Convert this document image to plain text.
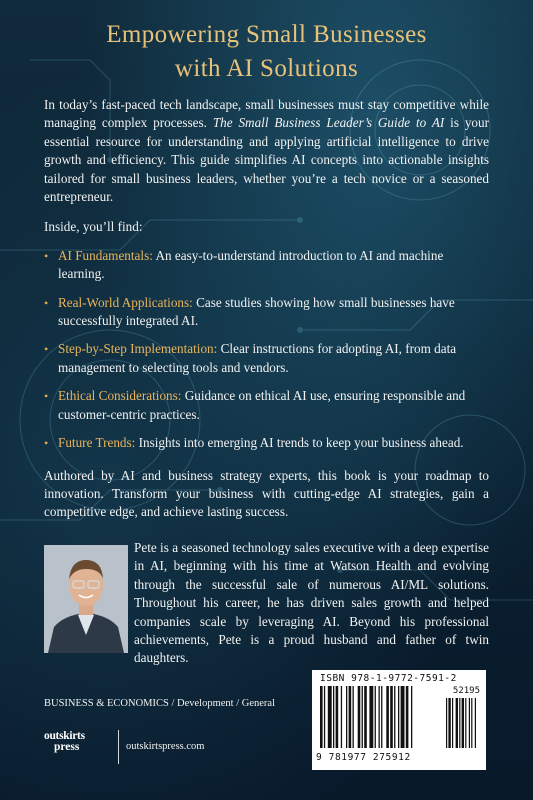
Empowering Small Businesses
with AI Solutions

In today’s fast-paced tech landscape, small businesses must stay competitive while managing complex processes. The Small Business Leader’s Guide to AI is your essential resource for understanding and applying artificial intelligence to drive growth and efficiency. This guide simplifies AI concepts into actionable insights tailored for small business leaders, whether you’re a tech novice or a seasoned entrepreneur.

Inside, you’ll find:

• AI Fundamentals: An easy-to-understand introduction to AI and machine learning.
• Real-World Applications: Case studies showing how small businesses have successfully integrated AI.
• Step-by-Step Implementation: Clear instructions for adopting AI, from data management to selecting tools and vendors.
• Ethical Considerations: Guidance on ethical AI use, ensuring responsible and customer-centric practices.
• Future Trends: Insights into emerging AI trends to keep your business ahead.

Authored by AI and business strategy experts, this book is your roadmap to innovation. Transform your business with cutting-edge AI strategies, gain a competitive edge, and achieve lasting success.

Pete is a seasoned technology sales executive with a deep expertise in AI, beginning with his time at Watson Health and evolving through the successful sale of numerous AI/ML solutions. Throughout his career, he has driven sales growth and helped companies scale by leveraging AI. Beyond his professional achievements, Pete is a proud husband and father of twin daughters.

BUSINESS & ECONOMICS / Development / General
ISBN 978-1-9772-7591-2
52195
9 781977 275912
outskirts
press	outskirtspress.com
